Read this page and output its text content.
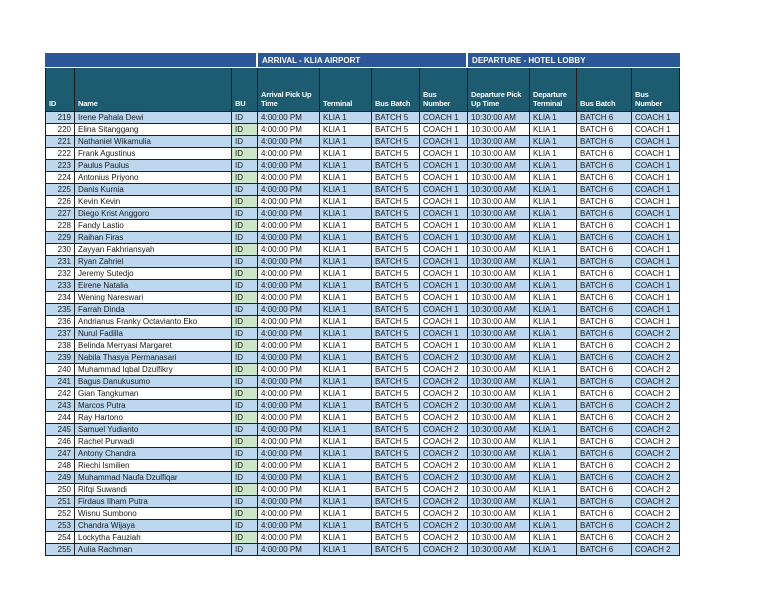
			ARRIVAL - KLIA AIRPORT				DEPARTURE - HOTEL LOBBY			
ID	Name	BU	Arrival Pick Up Time	Terminal	Bus Batch	Bus Number	Departure Pick Up Time	Departure Terminal	Bus Batch	Bus Number
219	Irene Pahala Dewi	ID	4:00:00 PM	KLIA 1	BATCH 5	COACH 1	10:30:00 AM	KLIA 1	BATCH 6	COACH 1
220	Elina Sitanggang	ID	4:00:00 PM	KLIA 1	BATCH 5	COACH 1	10:30:00 AM	KLIA 1	BATCH 6	COACH 1
221	Nathaniel Wikamulia	ID	4:00:00 PM	KLIA 1	BATCH 5	COACH 1	10:30:00 AM	KLIA 1	BATCH 6	COACH 1
222	Frank Agustinus	ID	4:00:00 PM	KLIA 1	BATCH 5	COACH 1	10:30:00 AM	KLIA 1	BATCH 6	COACH 1
223	Paulus Paulus	ID	4:00:00 PM	KLIA 1	BATCH 5	COACH 1	10:30:00 AM	KLIA 1	BATCH 6	COACH 1
224	Antonius Priyono	ID	4:00:00 PM	KLIA 1	BATCH 5	COACH 1	10:30:00 AM	KLIA 1	BATCH 6	COACH 1
225	Danis Kurnia	ID	4:00:00 PM	KLIA 1	BATCH 5	COACH 1	10:30:00 AM	KLIA 1	BATCH 6	COACH 1
226	Kevin Kevin	ID	4:00:00 PM	KLIA 1	BATCH 5	COACH 1	10:30:00 AM	KLIA 1	BATCH 6	COACH 1
227	Diego Krist Anggoro	ID	4:00:00 PM	KLIA 1	BATCH 5	COACH 1	10:30:00 AM	KLIA 1	BATCH 6	COACH 1
228	Fandy Lastio	ID	4:00:00 PM	KLIA 1	BATCH 5	COACH 1	10:30:00 AM	KLIA 1	BATCH 6	COACH 1
229	Raihan Firas	ID	4:00:00 PM	KLIA 1	BATCH 5	COACH 1	10:30:00 AM	KLIA 1	BATCH 6	COACH 1
230	Zayyan Fakhriansyah	ID	4:00:00 PM	KLIA 1	BATCH 5	COACH 1	10:30:00 AM	KLIA 1	BATCH 6	COACH 1
231	Ryan Zahriel	ID	4:00:00 PM	KLIA 1	BATCH 5	COACH 1	10:30:00 AM	KLIA 1	BATCH 6	COACH 1
232	Jeremy Sutedjo	ID	4:00:00 PM	KLIA 1	BATCH 5	COACH 1	10:30:00 AM	KLIA 1	BATCH 6	COACH 1
233	Eirene Natalia	ID	4:00:00 PM	KLIA 1	BATCH 5	COACH 1	10:30:00 AM	KLIA 1	BATCH 6	COACH 1
234	Wening Nareswari	ID	4:00:00 PM	KLIA 1	BATCH 5	COACH 1	10:30:00 AM	KLIA 1	BATCH 6	COACH 1
235	Farrah Dinda	ID	4:00:00 PM	KLIA 1	BATCH 5	COACH 1	10:30:00 AM	KLIA 1	BATCH 6	COACH 1
236	Andrianus Franky Octavianto Eko	ID	4:00:00 PM	KLIA 1	BATCH 5	COACH 1	10:30:00 AM	KLIA 1	BATCH 6	COACH 1
237	Nurul Fadilla	ID	4:00:00 PM	KLIA 1	BATCH 5	COACH 1	10:30:00 AM	KLIA 1	BATCH 6	COACH 2
238	Belinda Merryasi Margaret	ID	4:00:00 PM	KLIA 1	BATCH 5	COACH 1	10:30:00 AM	KLIA 1	BATCH 6	COACH 2
239	Nabila Thasya Permanasari	ID	4:00:00 PM	KLIA 1	BATCH 5	COACH 2	10:30:00 AM	KLIA 1	BATCH 6	COACH 2
240	Muhammad Iqbal Dzulfikry	ID	4:00:00 PM	KLIA 1	BATCH 5	COACH 2	10:30:00 AM	KLIA 1	BATCH 6	COACH 2
241	Bagus Danukusumo	ID	4:00:00 PM	KLIA 1	BATCH 5	COACH 2	10:30:00 AM	KLIA 1	BATCH 6	COACH 2
242	Gian Tangkuman	ID	4:00:00 PM	KLIA 1	BATCH 5	COACH 2	10:30:00 AM	KLIA 1	BATCH 6	COACH 2
243	Marcos Putra	ID	4:00:00 PM	KLIA 1	BATCH 5	COACH 2	10:30:00 AM	KLIA 1	BATCH 6	COACH 2
244	Ray Hartono	ID	4:00:00 PM	KLIA 1	BATCH 5	COACH 2	10:30:00 AM	KLIA 1	BATCH 6	COACH 2
245	Samuel Yudianto	ID	4:00:00 PM	KLIA 1	BATCH 5	COACH 2	10:30:00 AM	KLIA 1	BATCH 6	COACH 2
246	Rachel Purwadi	ID	4:00:00 PM	KLIA 1	BATCH 5	COACH 2	10:30:00 AM	KLIA 1	BATCH 6	COACH 2
247	Antony Chandra	ID	4:00:00 PM	KLIA 1	BATCH 5	COACH 2	10:30:00 AM	KLIA 1	BATCH 6	COACH 2
248	Riechi Ismilien	ID	4:00:00 PM	KLIA 1	BATCH 5	COACH 2	10:30:00 AM	KLIA 1	BATCH 6	COACH 2
249	Muhammad Naufa Dzulfiqar	ID	4:00:00 PM	KLIA 1	BATCH 5	COACH 2	10:30:00 AM	KLIA 1	BATCH 6	COACH 2
250	Rifqi Suwandi	ID	4:00:00 PM	KLIA 1	BATCH 5	COACH 2	10:30:00 AM	KLIA 1	BATCH 6	COACH 2
251	Firdaus Ilham Putra	ID	4:00:00 PM	KLIA 1	BATCH 5	COACH 2	10:30:00 AM	KLIA 1	BATCH 6	COACH 2
252	Wisnu Sumbono	ID	4:00:00 PM	KLIA 1	BATCH 5	COACH 2	10:30:00 AM	KLIA 1	BATCH 6	COACH 2
253	Chandra Wijaya	ID	4:00:00 PM	KLIA 1	BATCH 5	COACH 2	10:30:00 AM	KLIA 1	BATCH 6	COACH 2
254	Lockytha Fauziah	ID	4:00:00 PM	KLIA 1	BATCH 5	COACH 2	10:30:00 AM	KLIA 1	BATCH 6	COACH 2
255	Aulia Rachman	ID	4:00:00 PM	KLIA 1	BATCH 5	COACH 2	10:30:00 AM	KLIA 1	BATCH 6	COACH 2
